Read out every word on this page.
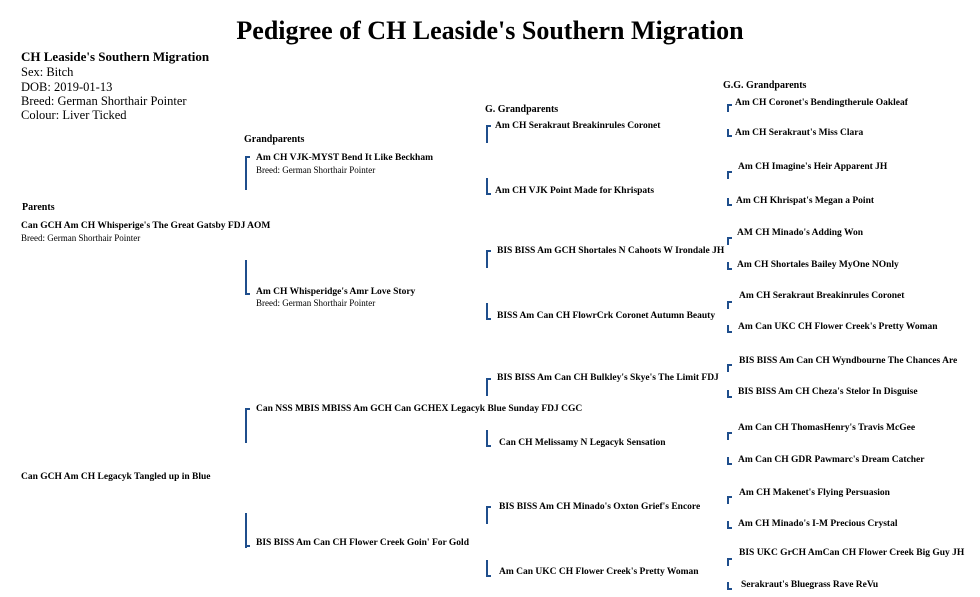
Pedigree of CH Leaside's Southern Migration
CH Leaside's Southern Migration
Sex: Bitch
DOB: 2019-01-13
Breed: German Shorthair Pointer
Colour: Liver Ticked
Parents
Grandparents
G. Grandparents
G.G. Grandparents
Can GCH Am CH Whisperige's The Great Gatsby FDJ AOM
Breed: German Shorthair Pointer
Can GCH Am CH Legacyk Tangled up in Blue
Am CH VJK-MYST Bend It Like Beckham
Breed: German Shorthair Pointer
Am CH Whisperidge's Amr Love Story
Breed: German Shorthair Pointer
Can NSS MBIS MBISS Am GCH Can GCHEX Legacyk Blue Sunday FDJ CGC
BIS BISS Am Can CH Flower Creek Goin' For Gold
Am CH Serakraut Breakinrules Coronet
Am CH VJK Point Made for Khrispats
BIS BISS Am GCH Shortales N Cahoots W Irondale JH
BISS Am Can CH FlowrCrk Coronet Autumn Beauty
BIS BISS Am Can CH Bulkley's Skye's The Limit FDJ
Can CH Melissamy N Legacyk Sensation
BIS BISS Am CH Minado's Oxton Grief's Encore
Am Can UKC CH Flower Creek's Pretty Woman
Am CH Coronet's Bendingtherule Oakleaf
Am CH Serakraut's Miss Clara
Am CH Imagine's Heir Apparent JH
Am CH Khrispat's Megan a Point
AM CH Minado's Adding Won
Am CH Shortales Bailey MyOne NOnly
Am CH Serakraut Breakinrules Coronet
Am Can UKC CH Flower Creek's Pretty Woman
BIS BISS Am Can CH Wyndbourne The Chances Are
BIS BISS Am CH Cheza's Stelor In Disguise
Am Can CH ThomasHenry's Travis McGee
Am Can CH GDR Pawmarc's Dream Catcher
Am CH Makenet's Flying Persuasion
Am CH Minado's I-M Precious Crystal
BIS UKC GrCH AmCan CH Flower Creek Big Guy JH
Serakraut's Bluegrass Rave ReVu
